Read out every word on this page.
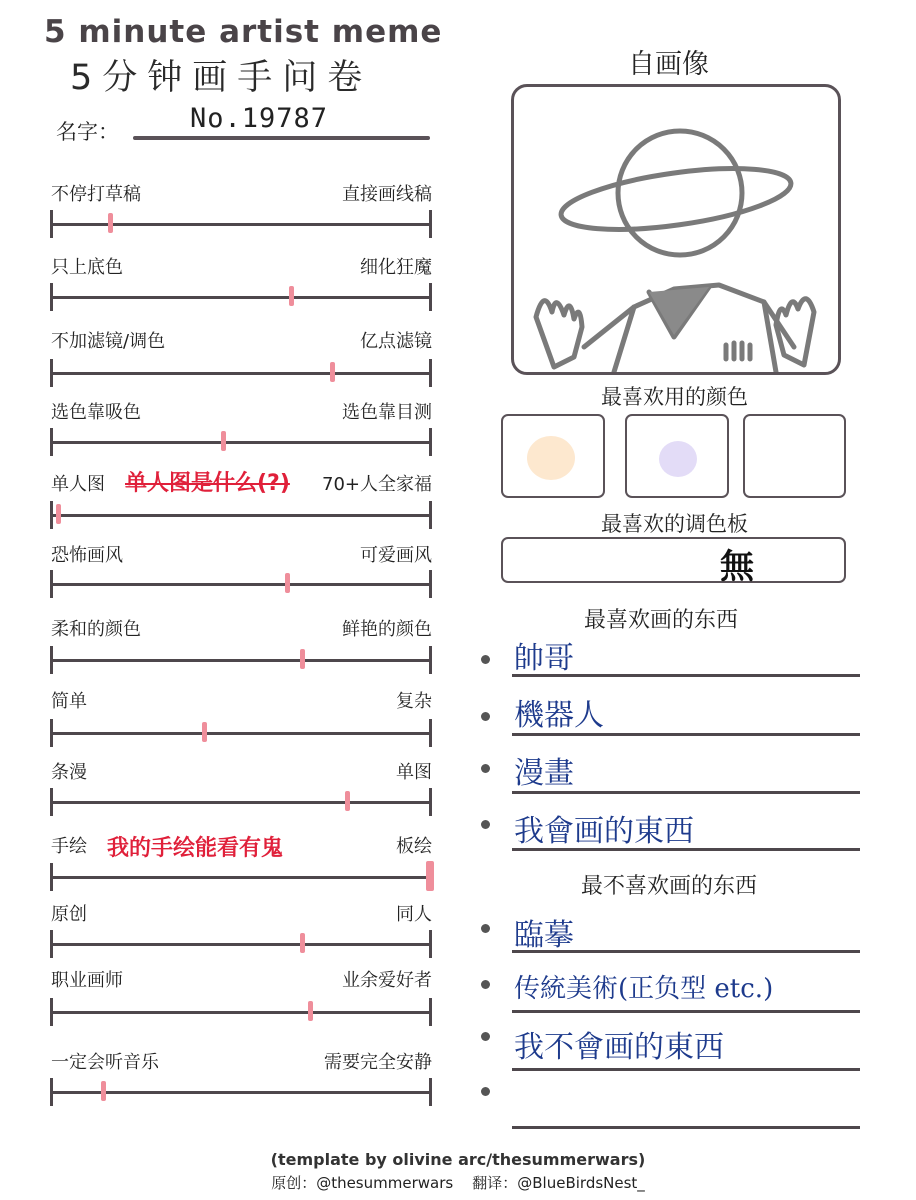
5 minute artist meme
5分钟画手问卷
名字：	No.19787
不停打草稿	直接画线稿
只上底色	细化狂魔
不加滤镜/调色	亿点滤镜
选色靠吸色	选色靠目测
单人图	70+人全家福
恐怖画风	可爱画风
柔和的颜色	鲜艳的颜色
简单	复杂
条漫	单图
手绘	板绘
原创	同人
职业画师	业余爱好者
一定会听音乐	需要完全安静
单人图是什么(?)
我的手绘能看有鬼
自画像
最喜欢用的颜色
最喜欢的调色板
無
最喜欢画的东西
最不喜欢画的东西
帥哥
機器人
漫畫
我會画的東西
臨摹
传統美術(正负型 etc.)
我不會画的東西
(template by olivine arc/thesummerwars)
原创：@thesummerwars    翻译：@BlueBirdsNest_
